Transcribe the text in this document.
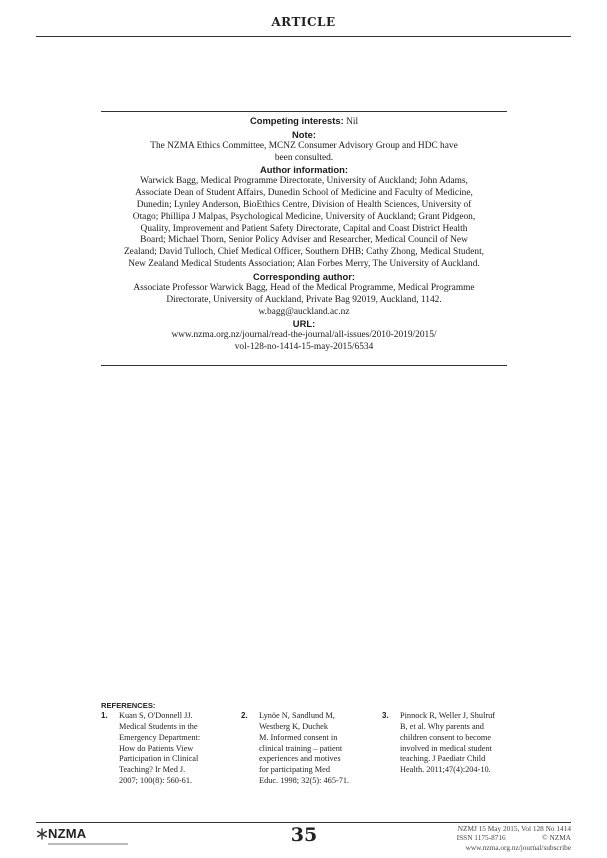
ARTICLE
Competing interests: Nil
Note:
The NZMA Ethics Committee, MCNZ Consumer Advisory Group and HDC have
been consulted.
Author information:
Warwick Bagg, Medical Programme Directorate, University of Auckland; John Adams,
Associate Dean of Student Affairs, Dunedin School of Medicine and Faculty of Medicine,
Dunedin; Lynley Anderson, BioEthics Centre, Division of Health Sciences, University of
Otago; Phillipa J Malpas, Psychological Medicine, University of Auckland; Grant Pidgeon,
Quality, Improvement and Patient Safety Directorate, Capital and Coast District Health
Board; Michael Thorn, Senior Policy Adviser and Researcher, Medical Council of New
Zealand; David Tulloch, Chief Medical Officer, Southern DHB; Cathy Zhong, Medical Student,
New Zealand Medical Students Association; Alan Forbes Merry, The University of Auckland.
Corresponding author:
Associate Professor Warwick Bagg, Head of the Medical Programme, Medical Programme
Directorate, University of Auckland, Private Bag 92019, Auckland, 1142.
w.bagg@auckland.ac.nz
URL:
www.nzma.org.nz/journal/read-the-journal/all-issues/2010-2019/2015/
vol-128-no-1414-15-may-2015/6534
REFERENCES:
1. Kuan S, O'Donnell JJ.
Medical Students in the
Emergency Department:
How do Patients View
Participation in Clinical
Teaching? Ir Med J.
2007; 100(8): 560-61.
2. Lynöe N, Sandlund M,
Westberg K, Duchek
M. Informed consent in
clinical training – patient
experiences and motives
for participating Med
Educ. 1998; 32(5): 465-71.
3. Pinnock R, Weller J, Shulruf
B, et al. Why parents and
children consent to become
involved in medical student
teaching. J Paediatr Child
Health. 2011;47(4):204-10.
NZMA	35	NZMJ 15 May 2015, Vol 128 No 1414
ISSN 1175-8716                    © NZMA
www.nzma.org.nz/journal/subscribe
